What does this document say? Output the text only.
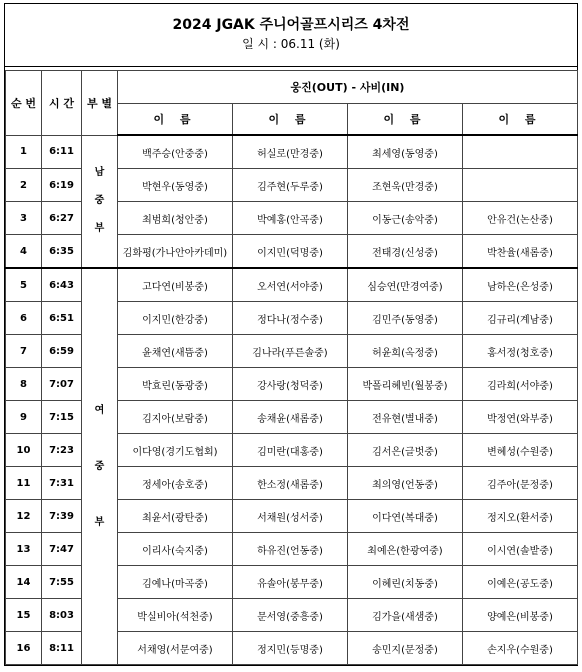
2024 JGAK 주니어골프시리즈 4차전
일 시 : 06.11 (화)
순 번	시 간	부 별	웅진(OUT) - 사비(IN)			
			이 름	이 름	이 름	이 름
1	6:11	남 중 부	백주승(안중중)	허실로(만경중)	최세영(동영중)	
2	6:19		박현우(동영중)	김주현(두루중)	조현욱(만경중)	
3	6:27		최범희(청안중)	박예홍(안곡중)	이동근(송악중)	안유건(논산중)
4	6:35		김화평(가나안아카데미)	이지민(덕명중)	전태경(신성중)	박찬율(새롬중)
5	6:43	여 중 부	고다연(비봉중)	오서연(서야중)	심승연(만경여중)	남하은(은성중)
6	6:51		이지민(한강중)	정다나(정수중)	김민주(동영중)	김규리(계남중)
7	6:59		윤채연(새뜸중)	김나라(푸른솔중)	허윤희(옥정중)	홍서정(청호중)
8	7:07		박효린(동광중)	강사랑(청덕중)	박폴리혜빈(월봉중)	김라희(서야중)
9	7:15		김지아(보람중)	송채윤(새롬중)	전유현(별내중)	박정연(와부중)
10	7:23		이다영(경기도협회)	김미란(대홍중)	김서은(글벗중)	변혜성(수원중)
11	7:31		정세아(송호중)	한소정(새롬중)	최의영(언동중)	김주아(문정중)
12	7:39		최윤서(광탄중)	서채원(성서중)	이다연(복대중)	정지오(환서중)
13	7:47		이리사(숙지중)	하유진(언동중)	최예은(한광여중)	이시연(솔밭중)
14	7:55		김예나(마곡중)	유솔아(봉무중)	이혜린(치동중)	이예은(공도중)
15	8:03		박실비아(석천중)	문서영(중흥중)	김가을(새샘중)	양예은(비봉중)
16	8:11		서채영(서문여중)	정지민(등명중)	송민지(문정중)	손지우(수원중)
